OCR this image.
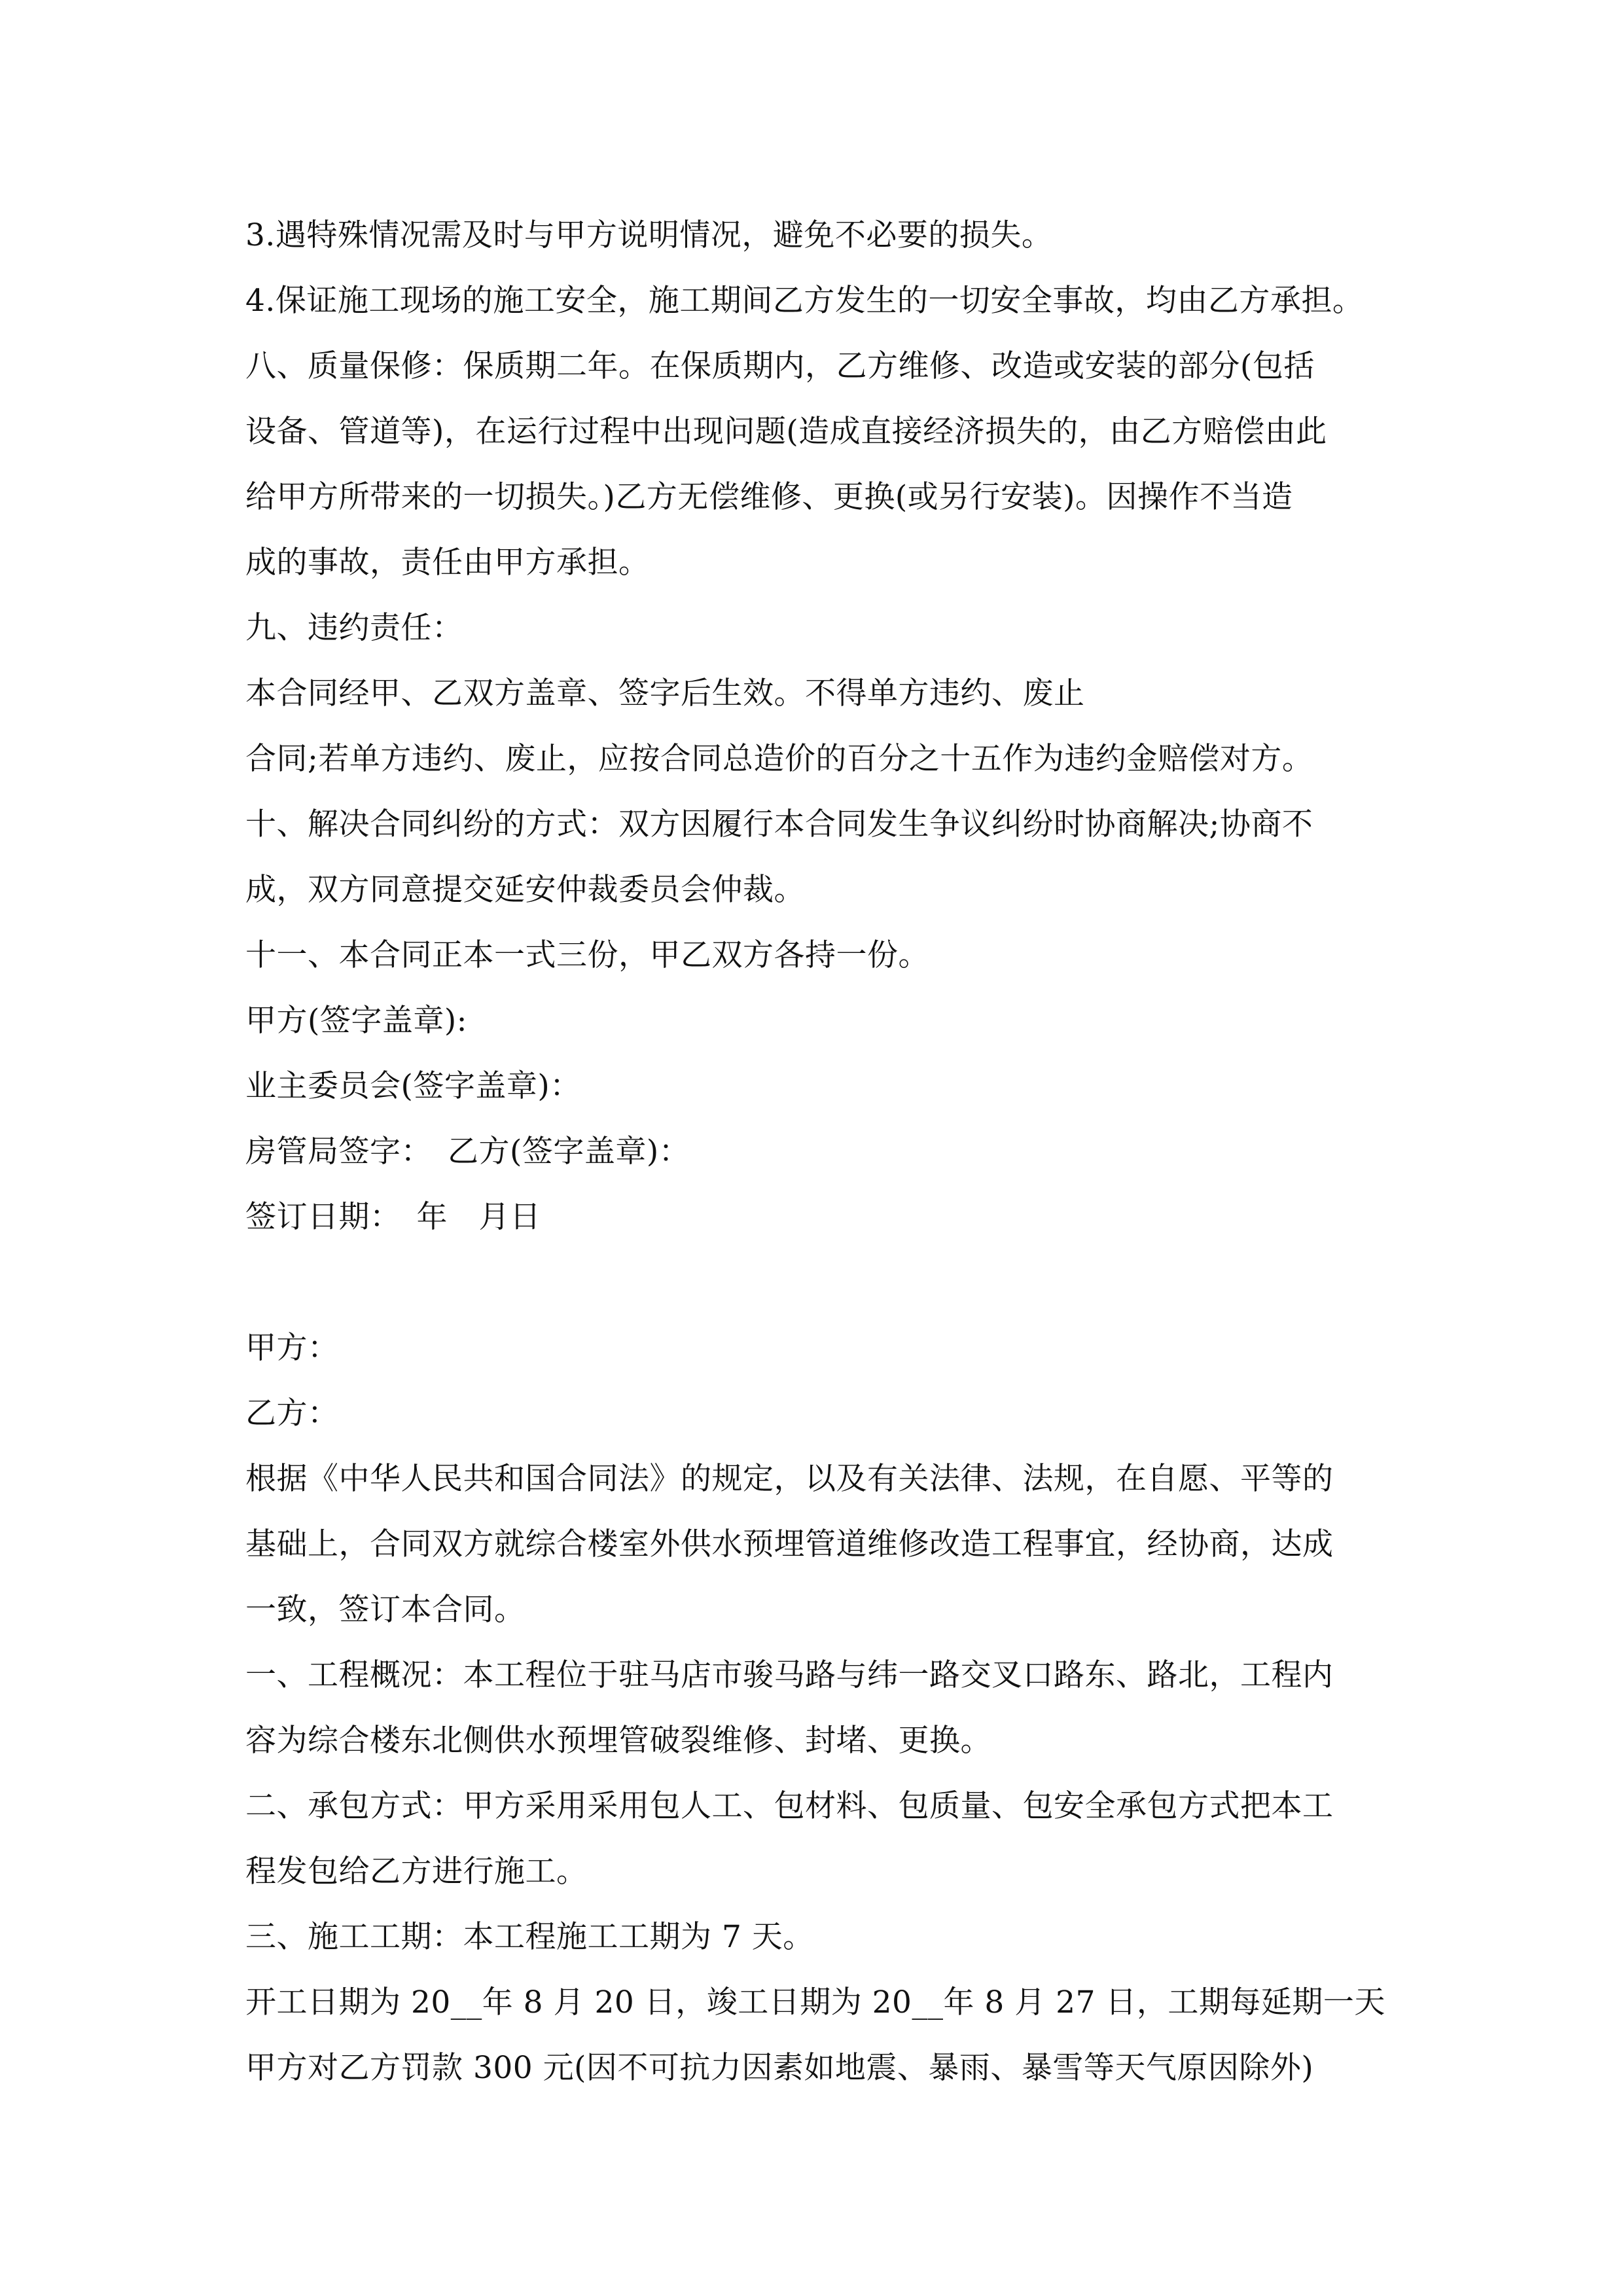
3.遇特殊情况需及时与甲方说明情况，避免不必要的损失。
4.保证施工现场的施工安全，施工期间乙方发生的一切安全事故，均由乙方承担。
八、质量保修：保质期二年。在保质期内，乙方维修、改造或安装的部分(包括
设备、管道等)，在运行过程中出现问题(造成直接经济损失的，由乙方赔偿由此
给甲方所带来的一切损失。)乙方无偿维修、更换(或另行安装)。因操作不当造
成的事故，责任由甲方承担。
九、违约责任：
本合同经甲、乙双方盖章、签字后生效。不得单方违约、废止
合同;若单方违约、废止，应按合同总造价的百分之十五作为违约金赔偿对方。
十、解决合同纠纷的方式：双方因履行本合同发生争议纠纷时协商解决;协商不
成，双方同意提交延安仲裁委员会仲裁。
十一、本合同正本一式三份，甲乙双方各持一份。
甲方(签字盖章):
业主委员会(签字盖章)：
房管局签字：　乙方(签字盖章)：
签订日期：　年　月日
甲方：
乙方：
根据《中华人民共和国合同法》的规定，以及有关法律、法规，在自愿、平等的
基础上，合同双方就综合楼室外供水预埋管道维修改造工程事宜，经协商，达成
一致，签订本合同。
一、工程概况：本工程位于驻马店市骏马路与纬一路交叉口路东、路北，工程内
容为综合楼东北侧供水预埋管破裂维修、封堵、更换。
二、承包方式：甲方采用采用包人工、包材料、包质量、包安全承包方式把本工
程发包给乙方进行施工。
三、施工工期：本工程施工工期为 7 天。
开工日期为 20__年 8 月 20 日，竣工日期为 20__年 8 月 27 日，工期每延期一天
甲方对乙方罚款 300 元(因不可抗力因素如地震、暴雨、暴雪等天气原因除外)
